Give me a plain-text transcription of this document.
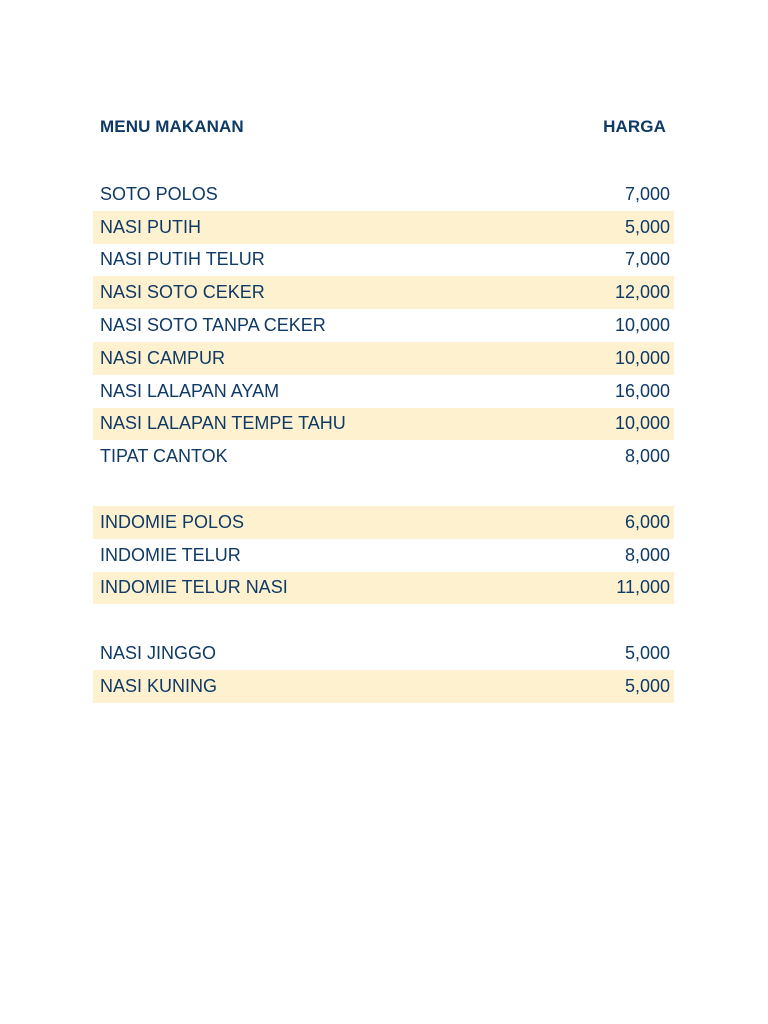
MENU MAKANAN	HARGA
SOTO POLOS	7,000
NASI PUTIH	5,000
NASI PUTIH TELUR	7,000
NASI SOTO CEKER	12,000
NASI SOTO TANPA CEKER	10,000
NASI CAMPUR	10,000
NASI LALAPAN AYAM	16,000
NASI LALAPAN TEMPE TAHU	10,000
TIPAT CANTOK	8,000
INDOMIE POLOS	6,000
INDOMIE TELUR	8,000
INDOMIE TELUR NASI	11,000
NASI JINGGO	5,000
NASI KUNING	5,000
